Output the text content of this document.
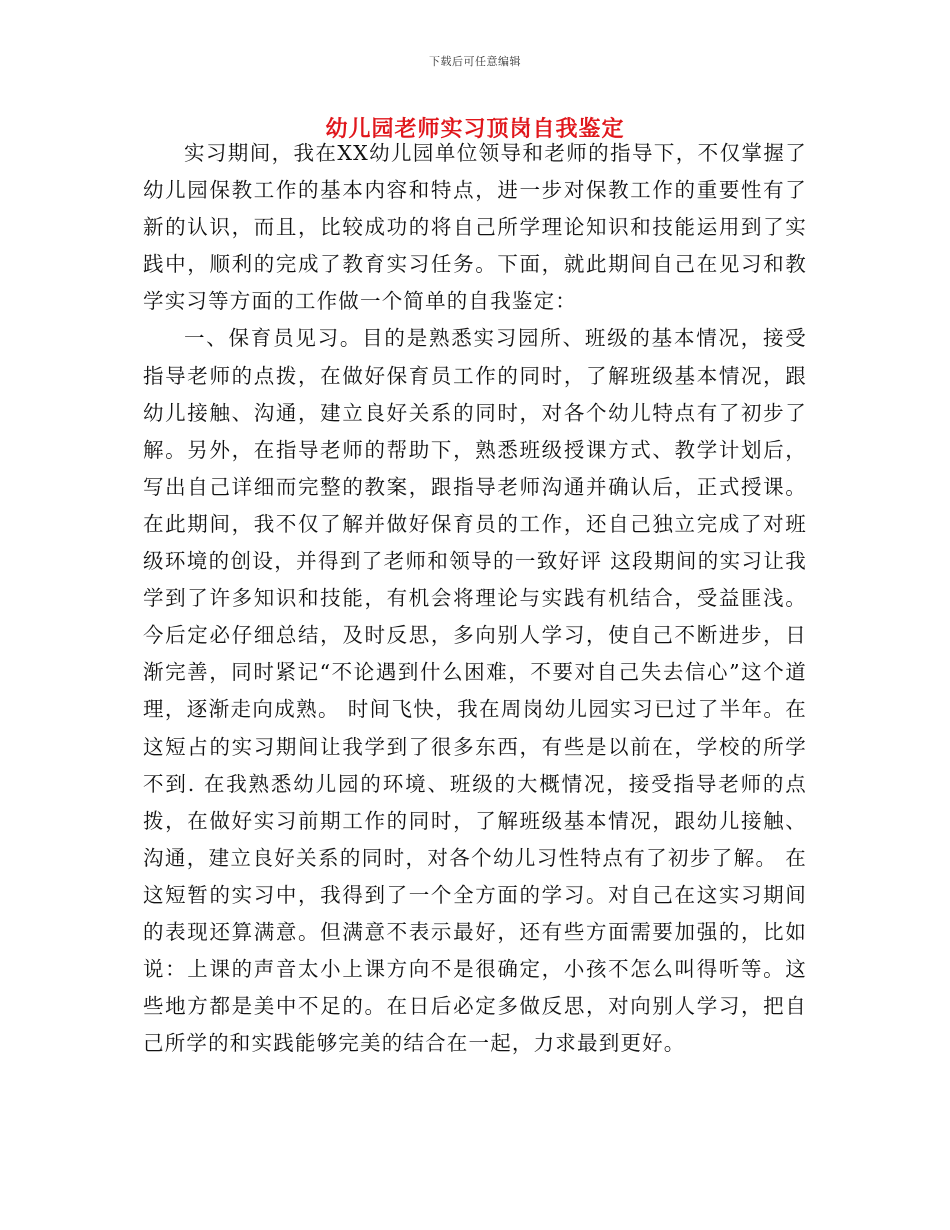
下载后可任意编辑
幼儿园老师实习顶岗自我鉴定

实习期间，我在XX幼儿园单位领导和老师的指导下，不仅掌握了幼儿园保教工作的基本内容和特点，进一步对保教工作的重要性有了新的认识，而且，比较成功的将自己所学理论知识和技能运用到了实践中，顺利的完成了教育实习任务。下面，就此期间自己在见习和教学实习等方面的工作做一个简单的自我鉴定：

一、保育员见习。目的是熟悉实习园所、班级的基本情况，接受指导老师的点拨，在做好保育员工作的同时，了解班级基本情况，跟幼儿接触、沟通，建立良好关系的同时，对各个幼儿特点有了初步了解。另外，在指导老师的帮助下，熟悉班级授课方式、教学计划后，写出自己详细而完整的教案，跟指导老师沟通并确认后，正式授课。在此期间，我不仅了解并做好保育员的工作，还自己独立完成了对班级环境的创设，并得到了老师和领导的一致好评 这段期间的实习让我学到了许多知识和技能，有机会将理论与实践有机结合，受益匪浅。今后定必仔细总结，及时反思，多向别人学习，使自己不断进步，日渐完善，同时紧记“不论遇到什么困难，不要对自己失去信心”这个道理，逐渐走向成熟。 时间飞快，我在周岗幼儿园实习已过了半年。在这短占的实习期间让我学到了很多东西，有些是以前在，学校的所学不到. 在我熟悉幼儿园的环境、班级的大概情况，接受指导老师的点拨，在做好实习前期工作的同时，了解班级基本情况，跟幼儿接触、沟通，建立良好关系的同时，对各个幼儿习性特点有了初步了解。 在这短暂的实习中，我得到了一个全方面的学习。对自己在这实习期间的表现还算满意。但满意不表示最好，还有些方面需要加强的，比如说：上课的声音太小上课方向不是很确定，小孩不怎么叫得听等。这些地方都是美中不足的。在日后必定多做反思，对向别人学习，把自己所学的和实践能够完美的结合在一起，力求最到更好。
